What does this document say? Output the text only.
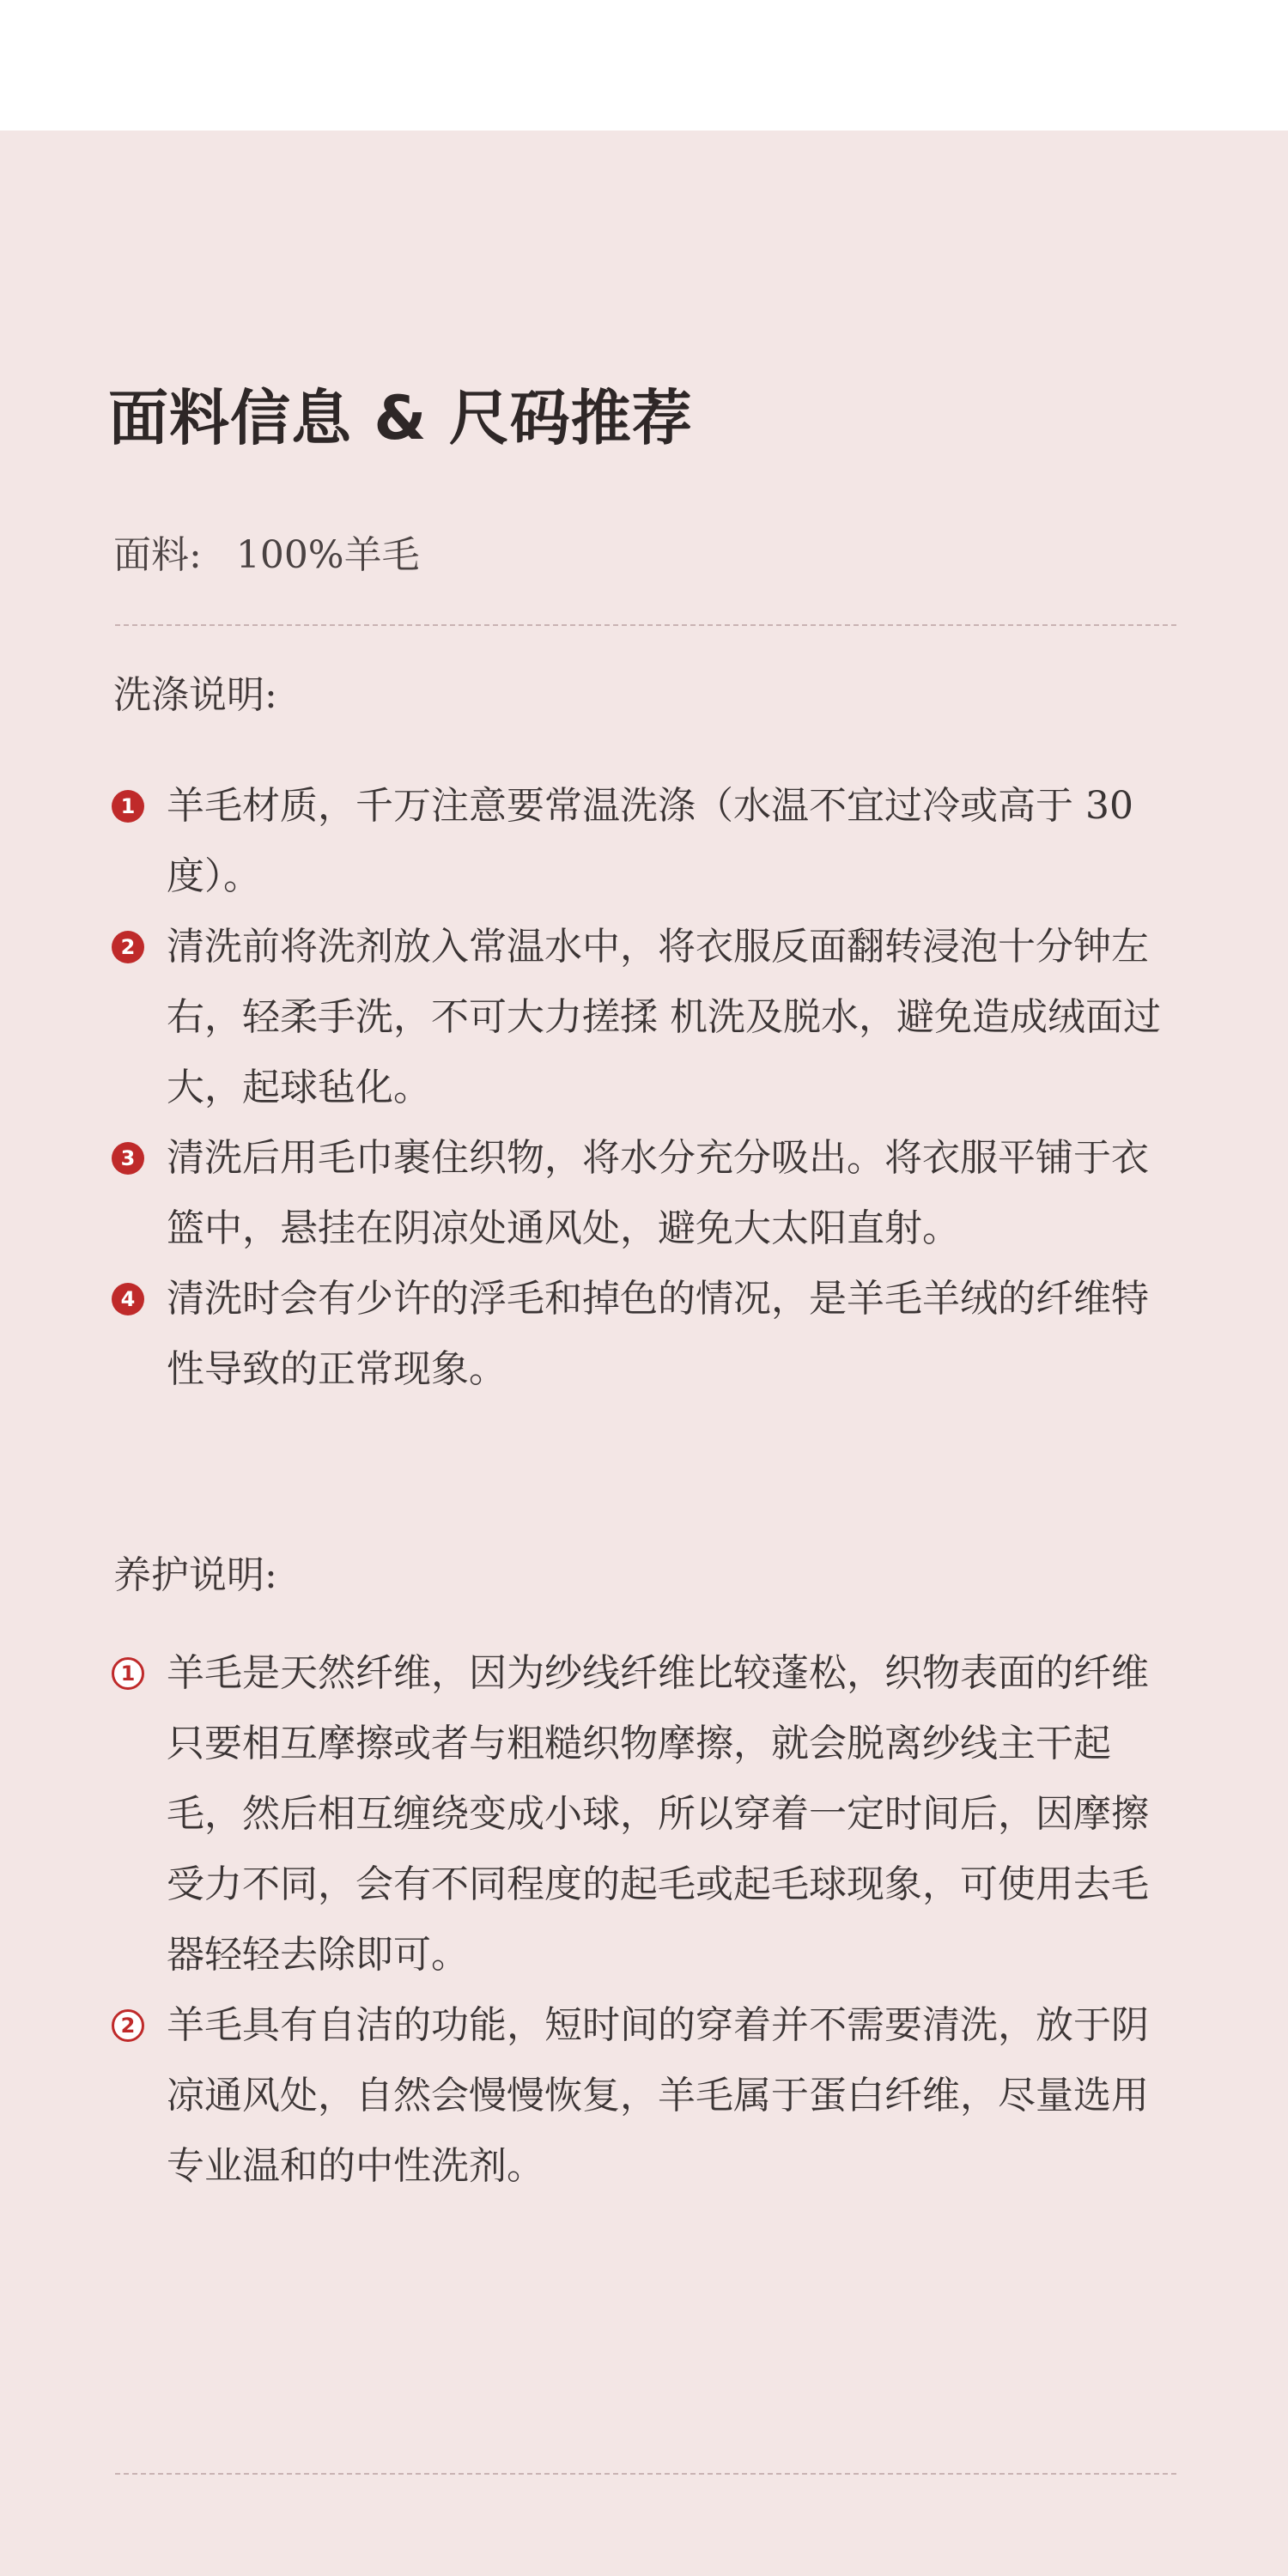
面料信息 & 尺码推荐
面料: 100%羊毛
洗涤说明:
1 羊毛材质，千万注意要常温洗涤（水温不宜过冷或高于 30 度）。
2 清洗前将洗剂放入常温水中，将衣服反面翻转浸泡十分钟左右，轻柔手洗，不可大力搓揉 机洗及脱水，避免造成绒面过大，起球毡化。
3 清洗后用毛巾裹住织物，将水分充分吸出。将衣服平铺于衣篮中，悬挂在阴凉处通风处，避免大太阳直射。
4 清洗时会有少许的浮毛和掉色的情况，是羊毛羊绒的纤维特性导致的正常现象。
养护说明:
1 羊毛是天然纤维，因为纱线纤维比较蓬松，织物表面的纤维只要相互摩擦或者与粗糙织物摩擦，就会脱离纱线主干起毛，然后相互缠绕变成小球，所以穿着一定时间后，因摩擦受力不同，会有不同程度的起毛或起毛球现象，可使用去毛器轻轻去除即可。
2 羊毛具有自洁的功能，短时间的穿着并不需要清洗，放于阴凉通风处，自然会慢慢恢复，羊毛属于蛋白纤维，尽量选用专业温和的中性洗剂。
